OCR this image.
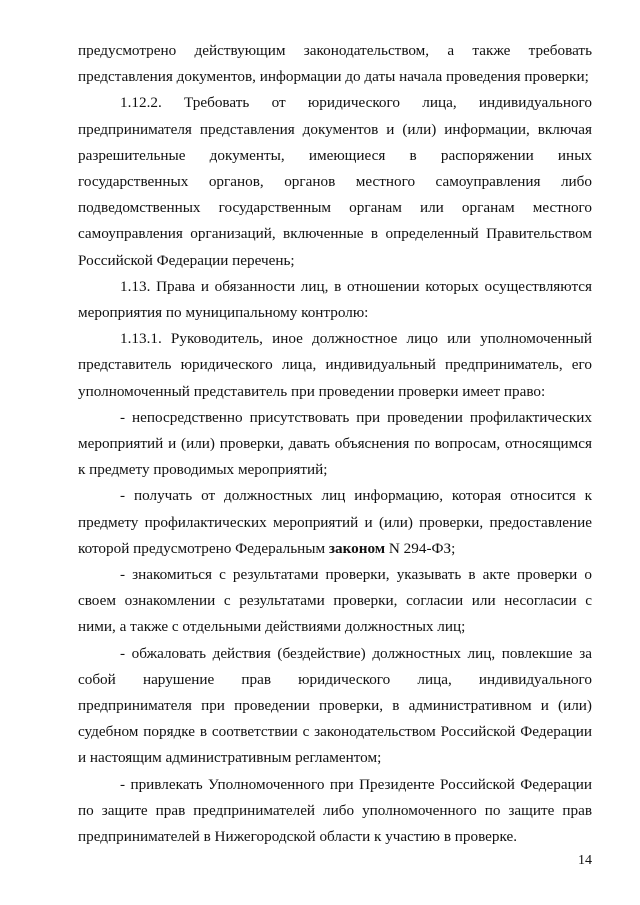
предусмотрено действующим законодательством, а также требовать представления документов, информации до даты начала проведения проверки;

1.12.2. Требовать от юридического лица, индивидуального предпринимателя представления документов и (или) информации, включая разрешительные документы, имеющиеся в распоряжении иных государственных органов, органов местного самоуправления либо подведомственных государственным органам или органам местного самоуправления организаций, включенные в определенный Правительством Российской Федерации перечень;

1.13. Права и обязанности лиц, в отношении которых осуществляются мероприятия по муниципальному контролю:

1.13.1. Руководитель, иное должностное лицо или уполномоченный представитель юридического лица, индивидуальный предприниматель, его уполномоченный представитель при проведении проверки имеет право:

- непосредственно присутствовать при проведении профилактических мероприятий и (или) проверки, давать объяснения по вопросам, относящимся к предмету проводимых мероприятий;

- получать от должностных лиц информацию, которая относится к предмету профилактических мероприятий и (или) проверки, предоставление которой предусмотрено Федеральным законом N 294-ФЗ;

- знакомиться с результатами проверки, указывать в акте проверки о своем ознакомлении с результатами проверки, согласии или несогласии с ними, а также с отдельными действиями должностных лиц;

- обжаловать действия (бездействие) должностных лиц, повлекшие за собой нарушение прав юридического лица, индивидуального предпринимателя при проведении проверки, в административном и (или) судебном порядке в соответствии с законодательством Российской Федерации и настоящим административным регламентом;

- привлекать Уполномоченного при Президенте Российской Федерации по защите прав предпринимателей либо уполномоченного по защите прав предпринимателей в Нижегородской области к участию в проверке.

14
